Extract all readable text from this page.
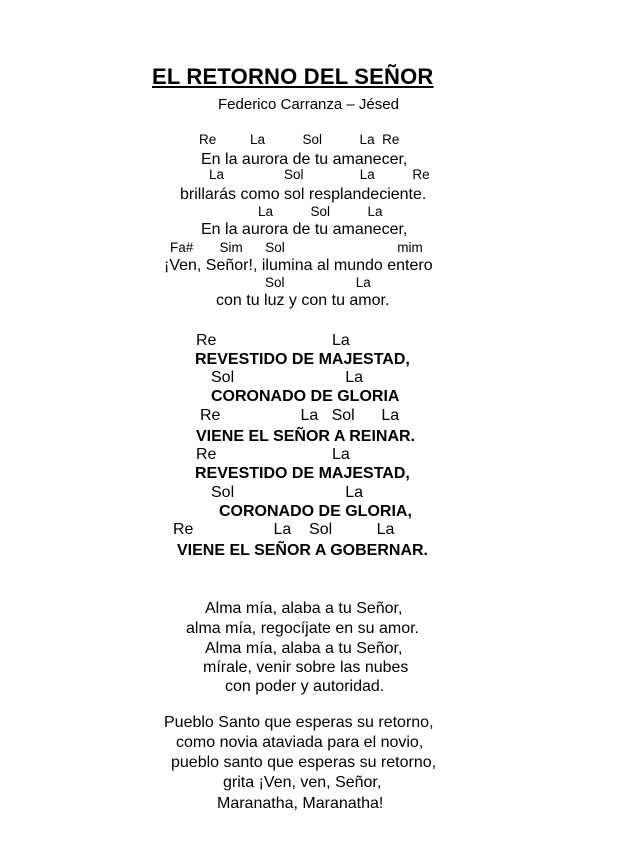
EL RETORNO DEL SEÑOR
Federico Carranza – Jésed
Re         La          Sol          La  Re
En la aurora de tu amanecer,
La                Sol               La          Re
brillarás como sol resplandeciente.
La          Sol          La
En la aurora de tu amanecer,
Fa#       Sim      Sol                              mim
¡Ven, Señor!, ilumina al mundo entero
Sol                   La
con tu luz y con tu amor.
Re                          La
REVESTIDO DE MAJESTAD,
Sol                         La
CORONADO DE GLORIA
Re                  La   Sol      La
VIENE EL SEÑOR A REINAR.
Re                          La
REVESTIDO DE MAJESTAD,
Sol                         La
CORONADO DE GLORIA,
Re                  La    Sol          La
VIENE EL SEÑOR A GOBERNAR.
Alma mía, alaba a tu Señor,
alma mía, regocíjate en su amor.
Alma mía, alaba a tu Señor,
mírale, venir sobre las nubes
con poder y autoridad.
Pueblo Santo que esperas su retorno,
como novia ataviada para el novio,
pueblo santo que esperas su retorno,
grita ¡Ven, ven, Señor,
Maranatha, Maranatha!
